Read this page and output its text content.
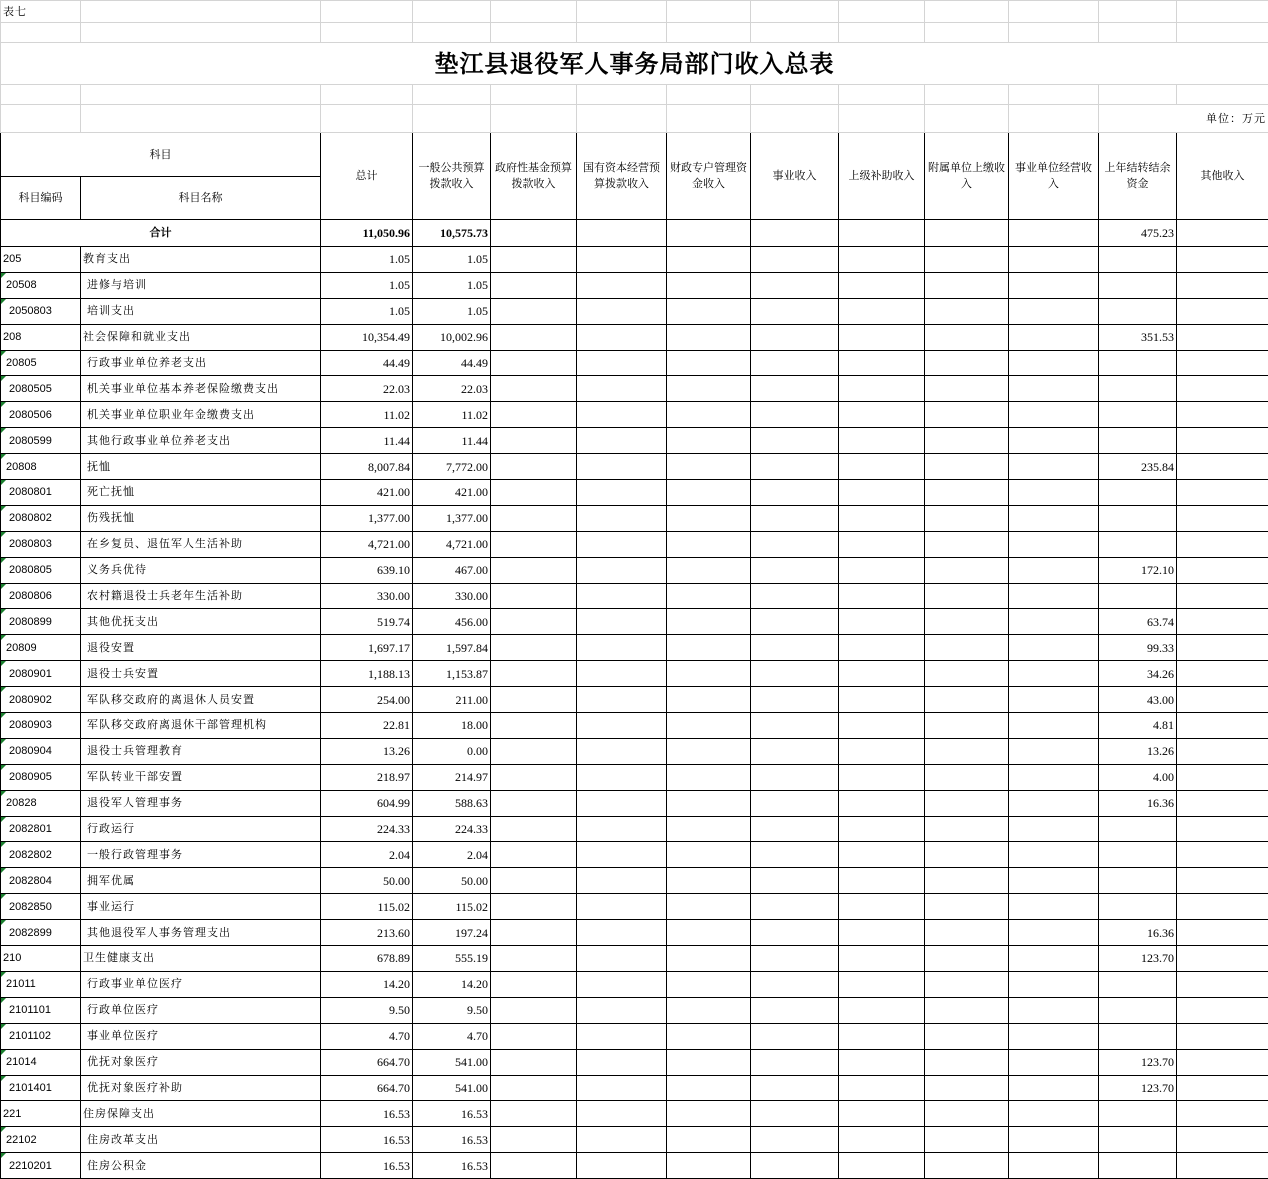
表七												

垫江县退役军人事务局部门收入总表												

											单位：万元	
科目		总计	一般公共预算拨款收入	政府性基金预算拨款收入	国有资本经营预算拨款收入	财政专户管理资金收入	事业收入	上级补助收入	附属单位上缴收入	事业单位经营收入	上年结转结余资金	其他收入
科目编码	科目名称											
合计		11,050.96	10,575.73								475.23	
205	教育支出	1.05	1.05									
20508	进修与培训	1.05	1.05									
2050803	培训支出	1.05	1.05									
208	社会保障和就业支出	10,354.49	10,002.96								351.53	
20805	行政事业单位养老支出	44.49	44.49									
2080505	机关事业单位基本养老保险缴费支出	22.03	22.03									
2080506	机关事业单位职业年金缴费支出	11.02	11.02									
2080599	其他行政事业单位养老支出	11.44	11.44									
20808	抚恤	8,007.84	7,772.00								235.84	
2080801	死亡抚恤	421.00	421.00									
2080802	伤残抚恤	1,377.00	1,377.00									
2080803	在乡复员、退伍军人生活补助	4,721.00	4,721.00									
2080805	义务兵优待	639.10	467.00								172.10	
2080806	农村籍退役士兵老年生活补助	330.00	330.00									
2080899	其他优抚支出	519.74	456.00								63.74	
20809	退役安置	1,697.17	1,597.84								99.33	
2080901	退役士兵安置	1,188.13	1,153.87								34.26	
2080902	军队移交政府的离退休人员安置	254.00	211.00								43.00	
2080903	军队移交政府离退休干部管理机构	22.81	18.00								4.81	
2080904	退役士兵管理教育	13.26	0.00								13.26	
2080905	军队转业干部安置	218.97	214.97								4.00	
20828	退役军人管理事务	604.99	588.63								16.36	
2082801	行政运行	224.33	224.33									
2082802	一般行政管理事务	2.04	2.04									
2082804	拥军优属	50.00	50.00									
2082850	事业运行	115.02	115.02									
2082899	其他退役军人事务管理支出	213.60	197.24								16.36	
210	卫生健康支出	678.89	555.19								123.70	
21011	行政事业单位医疗	14.20	14.20									
2101101	行政单位医疗	9.50	9.50									
2101102	事业单位医疗	4.70	4.70									
21014	优抚对象医疗	664.70	541.00								123.70	
2101401	优抚对象医疗补助	664.70	541.00								123.70	
221	住房保障支出	16.53	16.53									
22102	住房改革支出	16.53	16.53									
2210201	住房公积金	16.53	16.53									
